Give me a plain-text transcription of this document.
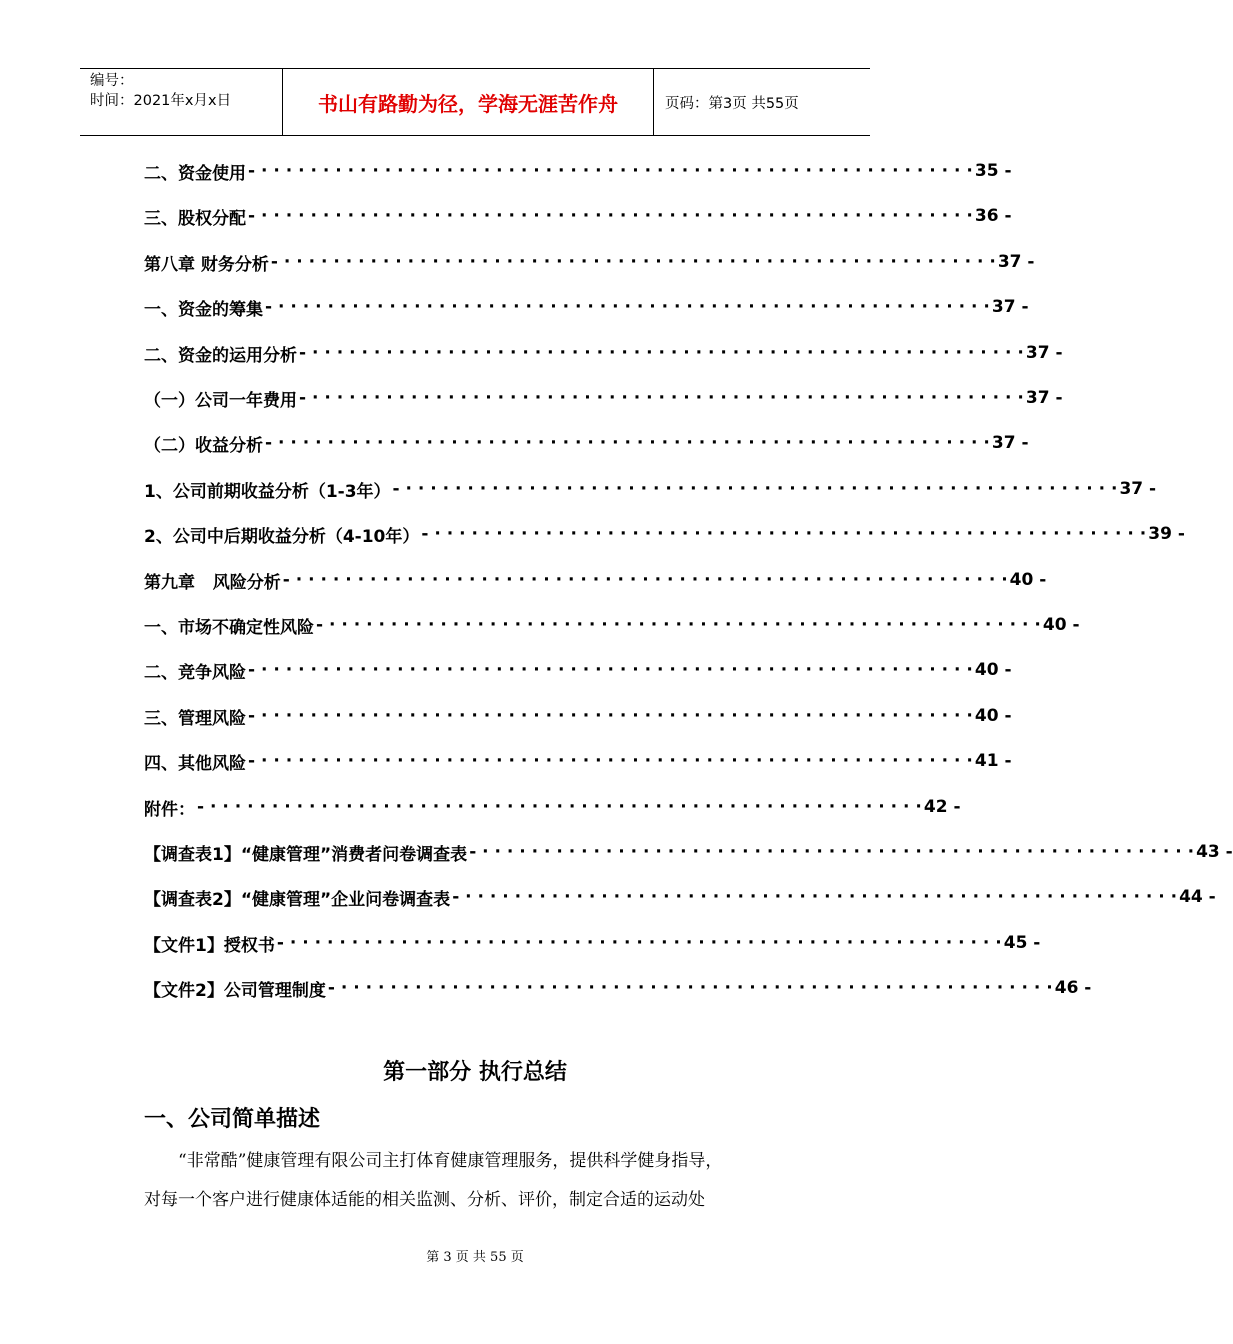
编号：
时间：2021年x月x日	书山有路勤为径，学海无涯苦作舟	页码：第3页 共55页
二、资金使用 · · · · · · · · · · · · · · · · · · · · · · · · · · · · · · · · · · · · · · · · · · · · · · · · · · · · · · · · · · - 35 -
三、股权分配 · · · · · · · · · · · · · · · · · · · · · · · · · · · · · · · · · · · · · · · · · · · · · · · · · · · · · · · · · · - 36 -
第八章 财务分析 · · · · · · · · · · · · · · · · · · · · · · · · · · · · · · · · · · · · · · · · · · · · · · · · · · · · · · · · · · - 37 -
一、资金的筹集 · · · · · · · · · · · · · · · · · · · · · · · · · · · · · · · · · · · · · · · · · · · · · · · · · · · · · · · · · · - 37 -
二、资金的运用分析 · · · · · · · · · · · · · · · · · · · · · · · · · · · · · · · · · · · · · · · · · · · · · · · · · · · · · · · · · · - 37 -
（一）公司一年费用 · · · · · · · · · · · · · · · · · · · · · · · · · · · · · · · · · · · · · · · · · · · · · · · · · · · · · · · · · · - 37 -
（二）收益分析 · · · · · · · · · · · · · · · · · · · · · · · · · · · · · · · · · · · · · · · · · · · · · · · · · · · · · · · · · · - 37 -
1、公司前期收益分析（1-3年） · · · · · · · · · · · · · · · · · · · · · · · · · · · · · · · · · · · · · · · · · · · · · · · · · · · · · · · · · · - 37 -
2、公司中后期收益分析（4-10年） · · · · · · · · · · · · · · · · · · · · · · · · · · · · · · · · · · · · · · · · · · · · · · · · · · · · · · · · · · - 39 -
第九章   风险分析 · · · · · · · · · · · · · · · · · · · · · · · · · · · · · · · · · · · · · · · · · · · · · · · · · · · · · · · · · · - 40 -
一、市场不确定性风险 · · · · · · · · · · · · · · · · · · · · · · · · · · · · · · · · · · · · · · · · · · · · · · · · · · · · · · · · · · - 40 -
二、竞争风险 · · · · · · · · · · · · · · · · · · · · · · · · · · · · · · · · · · · · · · · · · · · · · · · · · · · · · · · · · · - 40 -
三、管理风险 · · · · · · · · · · · · · · · · · · · · · · · · · · · · · · · · · · · · · · · · · · · · · · · · · · · · · · · · · · - 40 -
四、其他风险 · · · · · · · · · · · · · · · · · · · · · · · · · · · · · · · · · · · · · · · · · · · · · · · · · · · · · · · · · · - 41 -
附件： · · · · · · · · · · · · · · · · · · · · · · · · · · · · · · · · · · · · · · · · · · · · · · · · · · · · · · · · · · - 42 -
【调查表1】“健康管理”消费者问卷调查表 · · · · · · · · · · · · · · · · · · · · · · · · · · · · · · · · · · · · · · · · · · · · · · · · · · · · · · · · · · - 43 -
【调查表2】“健康管理”企业问卷调查表 · · · · · · · · · · · · · · · · · · · · · · · · · · · · · · · · · · · · · · · · · · · · · · · · · · · · · · · · · · - 44 -
【文件1】授权书 · · · · · · · · · · · · · · · · · · · · · · · · · · · · · · · · · · · · · · · · · · · · · · · · · · · · · · · · · · - 45 -
【文件2】公司管理制度 · · · · · · · · · · · · · · · · · · · · · · · · · · · · · · · · · · · · · · · · · · · · · · · · · · · · · · · · · · - 46 -
第一部分 执行总结
一、公司简单描述
“非常酷”健康管理有限公司主打体育健康管理服务，提供科学健身指导，
对每一个客户进行健康体适能的相关监测、分析、评价，制定合适的运动处
第 3 页 共 55 页
